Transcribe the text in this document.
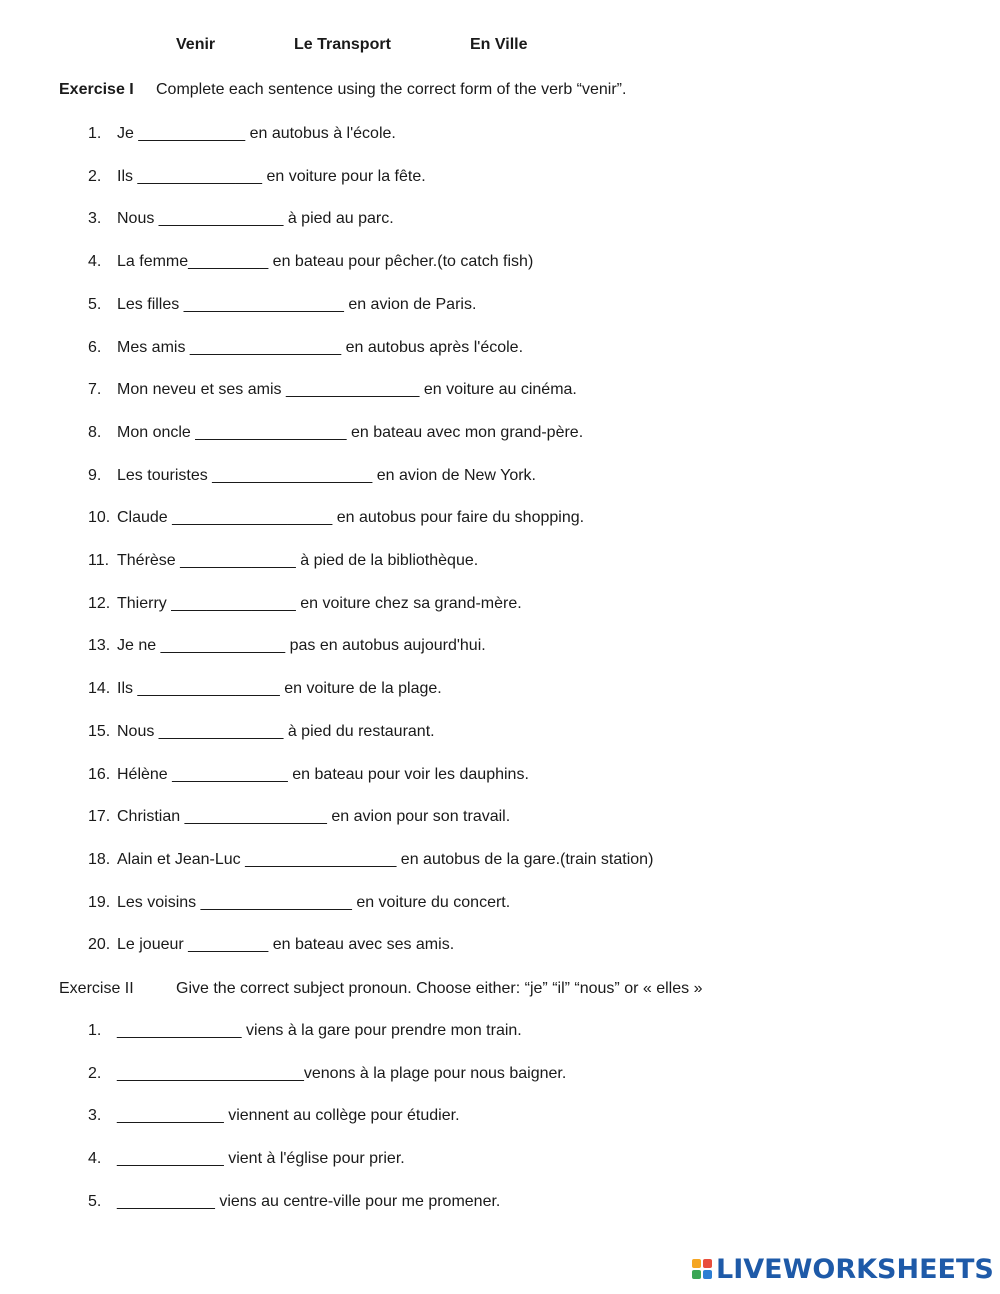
Venir	Le Transport	En Ville
Exercise I Complete each sentence using the correct form of the verb “venir”.
1. Je ____________ en autobus à l'école.
2. Ils ______________ en voiture pour la fête.
3. Nous ______________ à pied au parc.
4. La femme_________ en bateau pour pêcher.(to catch fish)
5. Les filles __________________ en avion de Paris.
6. Mes amis _________________ en autobus après l'école.
7. Mon neveu et ses amis _______________ en voiture au cinéma.
8. Mon oncle _________________ en bateau avec mon grand-père.
9. Les touristes __________________ en avion de New York.
10. Claude __________________ en autobus pour faire du shopping.
11. Thérèse _____________ à pied de la bibliothèque.
12. Thierry ______________ en voiture chez sa grand-mère.
13. Je ne ______________ pas en autobus aujourd'hui.
14. Ils ________________ en voiture de la plage.
15. Nous ______________ à pied du restaurant.
16. Hélène _____________ en bateau pour voir les dauphins.
17. Christian ________________ en avion pour son travail.
18. Alain et Jean-Luc _________________ en autobus de la gare.(train station)
19. Les voisins _________________ en voiture du concert.
20. Le joueur _________ en bateau avec ses amis.
Exercise II	Give the correct subject pronoun. Choose either: “je” “il” “nous” or « elles »
1. ______________ viens à la gare pour prendre mon train.
2. _____________________venons à la plage pour nous baigner.
3. ____________ viennent au collège pour étudier.
4. ____________ vient à l'église pour prier.
5. ___________ viens au centre-ville pour me promener.
LIVEWORKSHEETS
